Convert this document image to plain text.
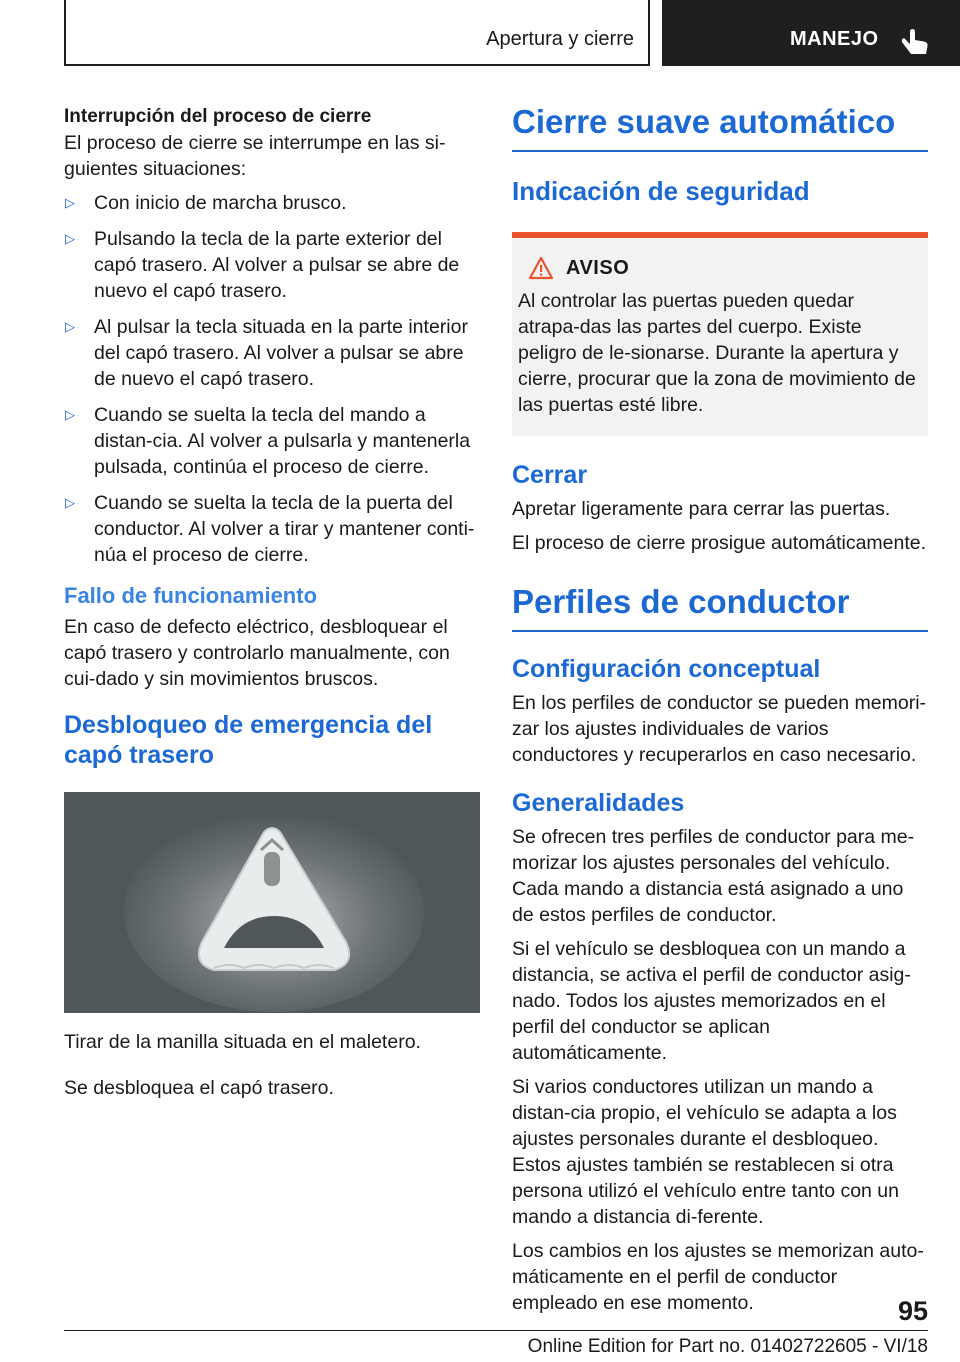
Apertura y cierre	MANEJO
Interrupción del proceso de cierre

El proceso de cierre se interrumpe en las si‐guientes situaciones:

▷ Con inicio de marcha brusco.
▷ Pulsando la tecla de la parte exterior del capó trasero. Al volver a pulsar se abre de nuevo el capó trasero.
▷ Al pulsar la tecla situada en la parte interior del capó trasero. Al volver a pulsar se abre de nuevo el capó trasero.
▷ Cuando se suelta la tecla del mando a distan‐cia. Al volver a pulsarla y mantenerla pulsada, continúa el proceso de cierre.
▷ Cuando se suelta la tecla de la puerta del conductor. Al volver a tirar y mantener conti‐núa el proceso de cierre.
Fallo de funcionamiento

En caso de defecto eléctrico, desbloquear el capó trasero y controlarlo manualmente, con cui‐dado y sin movimientos bruscos.

Desbloqueo de emergencia del capó trasero

Tirar de la manilla situada en el maletero.

Se desbloquea el capó trasero.

Cierre suave automático
Indicación de seguridad
AVISO

Al controlar las puertas pueden quedar atrapa‐das las partes del cuerpo. Existe peligro de le‐sionarse. Durante la apertura y cierre, procurar que la zona de movimiento de las puertas esté libre.

Cerrar

Apretar ligeramente para cerrar las puertas.

El proceso de cierre prosigue automáticamente.

Perfiles de conductor
Configuración conceptual

En los perfiles de conductor se pueden memori‐zar los ajustes individuales de varios conductores y recuperarlos en caso necesario.

Generalidades

Se ofrecen tres perfiles de conductor para me‐morizar los ajustes personales del vehículo. Cada mando a distancia está asignado a uno de estos perfiles de conductor.

Si el vehículo se desbloquea con un mando a distancia, se activa el perfil de conductor asig‐nado. Todos los ajustes memorizados en el perfil del conductor se aplican automáticamente.

Si varios conductores utilizan un mando a distan‐cia propio, el vehículo se adapta a los ajustes personales durante el desbloqueo. Estos ajustes también se restablecen si otra persona utilizó el vehículo entre tanto con un mando a distancia di‐ferente.

Los cambios en los ajustes se memorizan auto‐máticamente en el perfil de conductor empleado en ese momento.	95
Online Edition for Part no. 01402722605 - VI/18
